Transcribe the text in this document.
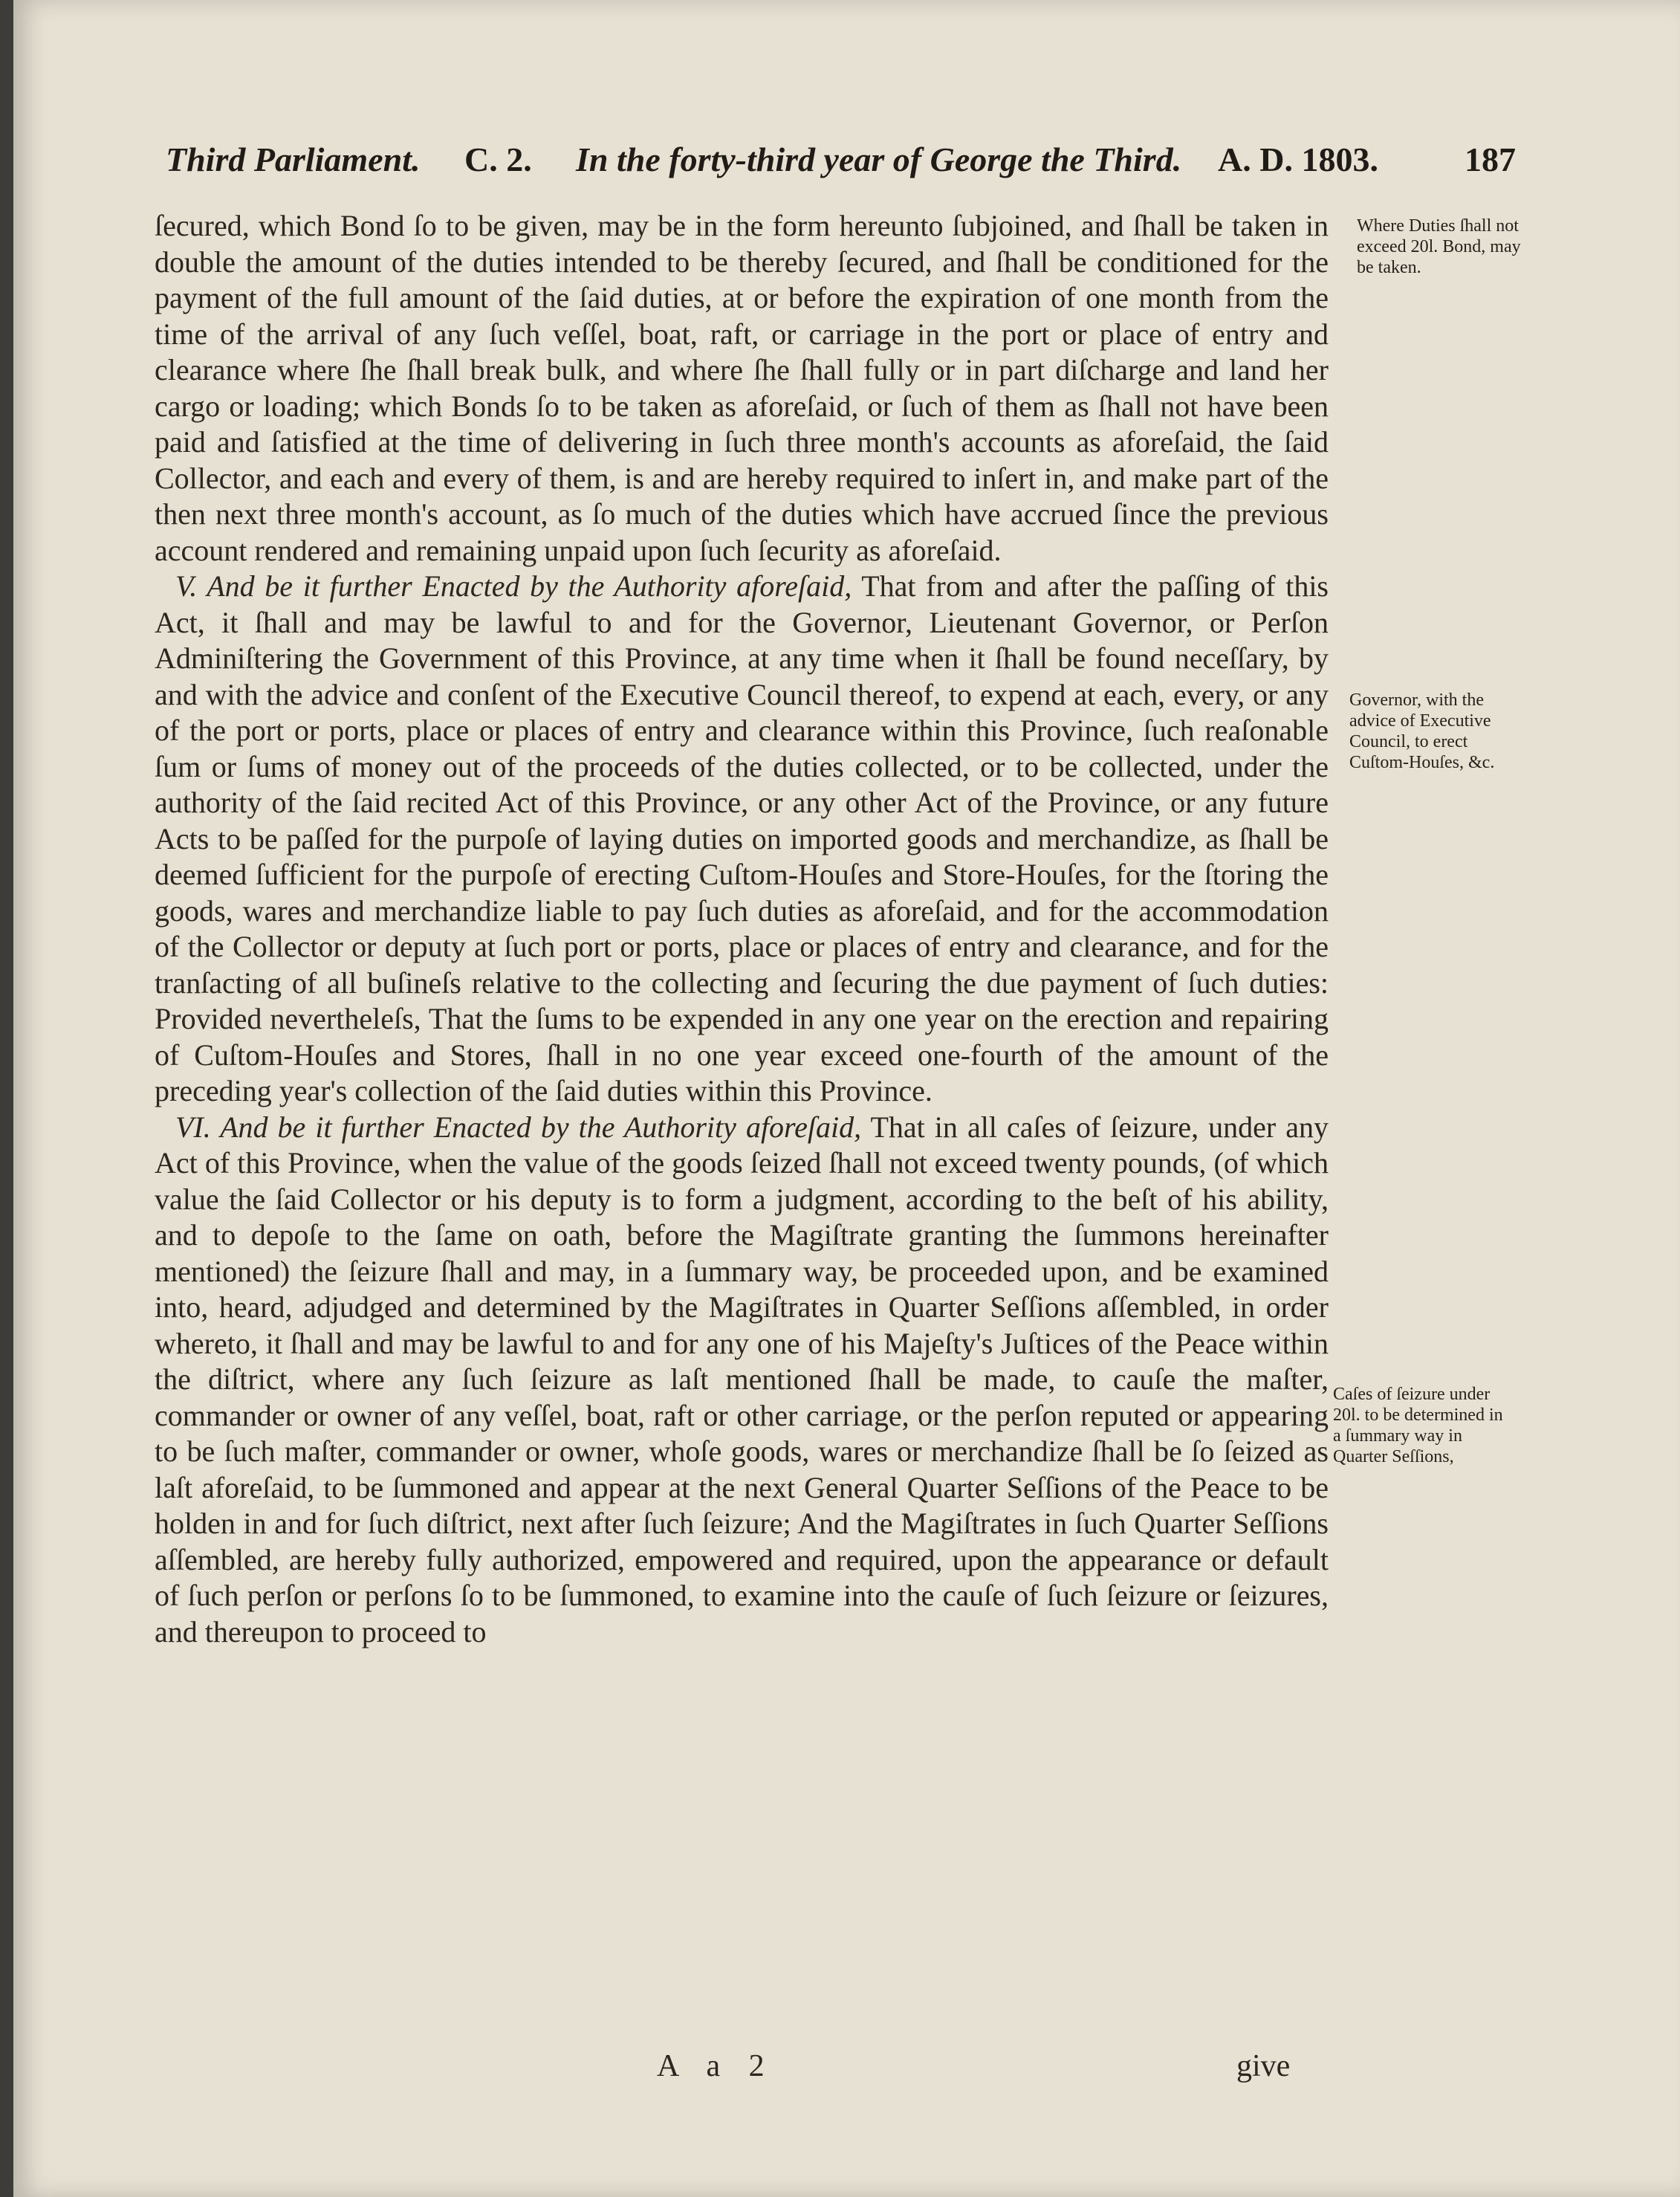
Third Parliament. C. 2. In the forty-third year of George the Third. A. D. 1803.	187

ſecured, which Bond ſo to be given, may be in the form hereunto ſubjoined, and ſhall be taken in double the amount of the duties intended to be thereby ſecured, and ſhall be conditioned for the payment of the full amount of the ſaid duties, at or before the expiration of one month from the time of the arrival of any ſuch veſſel, boat, raft, or carriage in the port or place of entry and clearance where ſhe ſhall break bulk, and where ſhe ſhall fully or in part diſcharge and land her cargo or loading; which Bonds ſo to be taken as aforeſaid, or ſuch of them as ſhall not have been paid and ſatisfied at the time of delivering in ſuch three month's accounts as aforeſaid, the ſaid Collector, and each and every of them, is and are hereby required to inſert in, and make part of the then next three month's account, as ſo much of the duties which have accrued ſince the previous account rendered and remaining unpaid upon ſuch ſecurity as aforeſaid.

V. And be it further Enacted by the Authority aforeſaid, That from and after the paſſing of this Act, it ſhall and may be lawful to and for the Governor, Lieutenant Governor, or Perſon Adminiſtering the Government of this Province, at any time when it ſhall be found neceſſary, by and with the advice and conſent of the Executive Council thereof, to expend at each, every, or any of the port or ports, place or places of entry and clearance within this Province, ſuch reaſonable ſum or ſums of money out of the proceeds of the duties collected, or to be collected, under the authority of the ſaid recited Act of this Province, or any other Act of the Province, or any future Acts to be paſſed for the purpoſe of laying duties on imported goods and merchandize, as ſhall be deemed ſufficient for the purpoſe of erecting Cuſtom-Houſes and Store-Houſes, for the ſtoring the goods, wares and merchandize liable to pay ſuch duties as aforeſaid, and for the accommodation of the Collector or deputy at ſuch port or ports, place or places of entry and clearance, and for the tranſacting of all buſineſs relative to the collecting and ſecuring the due payment of ſuch duties: Provided nevertheleſs, That the ſums to be expended in any one year on the erection and repairing of Cuſtom-Houſes and Stores, ſhall in no one year exceed one-fourth of the amount of the preceding year's collection of the ſaid duties within this Province.

VI. And be it further Enacted by the Authority aforeſaid, That in all caſes of ſeizure, under any Act of this Province, when the value of the goods ſeized ſhall not exceed twenty pounds, (of which value the ſaid Collector or his deputy is to form a judgment, according to the beſt of his ability, and to depoſe to the ſame on oath, before the Magiſtrate granting the ſummons hereinafter mentioned) the ſeizure ſhall and may, in a ſummary way, be proceeded upon, and be examined into, heard, adjudged and determined by the Magiſtrates in Quarter Seſſions aſſembled, in order whereto, it ſhall and may be lawful to and for any one of his Majeſty's Juſtices of the Peace within the diſtrict, where any ſuch ſeizure as laſt mentioned ſhall be made, to cauſe the maſter, commander or owner of any veſſel, boat, raft or other carriage, or the perſon reputed or appearing to be ſuch maſter, commander or owner, whoſe goods, wares or merchandize ſhall be ſo ſeized as laſt aforeſaid, to be ſummoned and appear at the next General Quarter Seſſions of the Peace to be holden in and for ſuch diſtrict, next after ſuch ſeizure; And the Magiſtrates in ſuch Quarter Seſſions aſſembled, are hereby fully authorized, empowered and required, upon the appearance or default of ſuch perſon or perſons ſo to be ſummoned, to examine into the cauſe of ſuch ſeizure or ſeizures, and thereupon to proceed to

Where Duties ſhall not exceed 20l. Bond, may be taken.
Governor, with the advice of Executive Council, to erect Cuſtom-Houſes, &c.
Caſes of ſeizure under 20l. to be determined in a ſummary way in Quarter Seſſions,
A a 2	give
